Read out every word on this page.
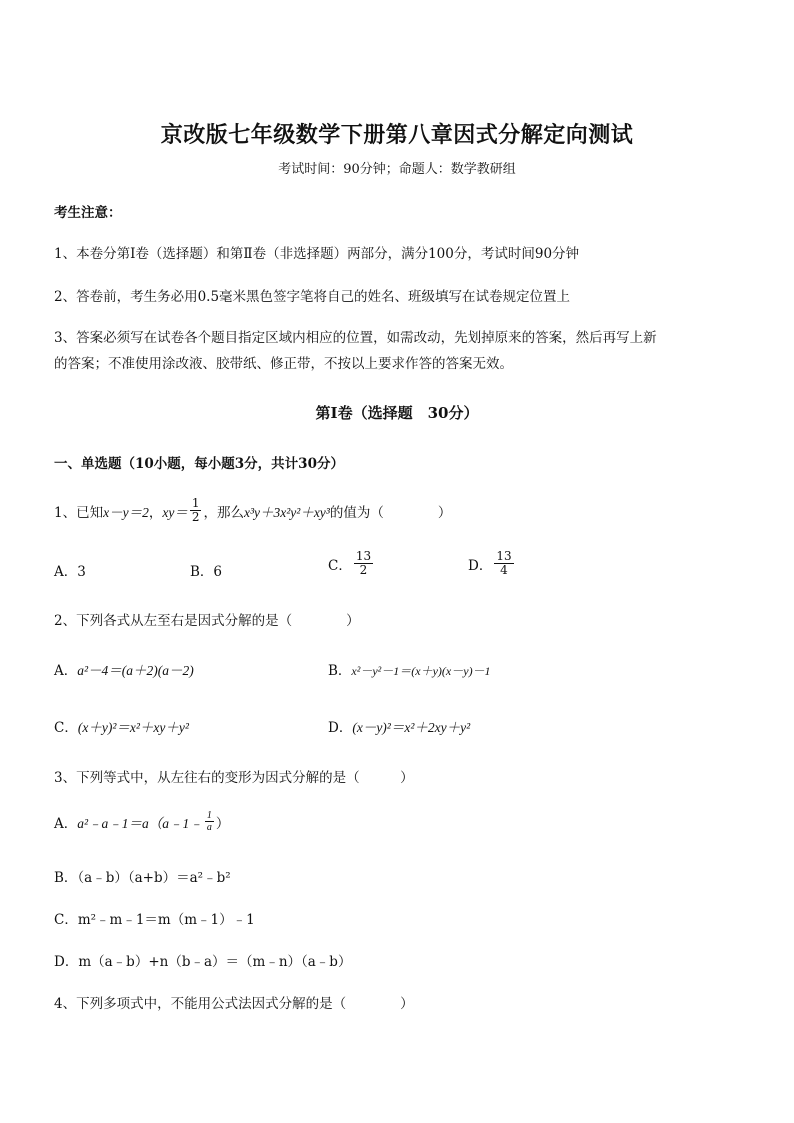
京改版七年级数学下册第八章因式分解定向测试
考试时间：90分钟；命题人：数学教研组
考生注意：
1、本卷分第Ⅰ卷（选择题）和第Ⅱ卷（非选择题）两部分，满分100分，考试时间90分钟
2、答卷前，考生务必用0.5毫米黑色签字笔将自己的姓名、班级填写在试卷规定位置上
3、答案必须写在试卷各个题目指定区域内相应的位置，如需改动，先划掉原来的答案，然后再写上新
的答案；不准使用涂改液、胶带纸、修正带，不按以上要求作答的答案无效。
第Ⅰ卷（选择题　30分）
一、单选题（10小题，每小题3分，共计30分）
1、已知 x－y＝2 ， $xy= \frac{1}{2}$ ，那么 x³y＋3x²y²＋xy³ 的值为（　　　　）
A．3	B．6	C． $\frac{13}{2}$	D． $\frac{13}{4}$
2、下列各式从左至右是因式分解的是（　　　　）
A．a²－4＝(a＋2)(a－2)	B．x²－y²－1＝(x＋y)(x－y)－1
C．(x＋y)²＝x²＋xy＋y²	D．(x－y)²＝x²＋2xy＋y²
3、下列等式中，从左往右的变形为因式分解的是（　　　）
A． a²﹣a﹣1＝a（a﹣1﹣ $\frac{1}{a}$ ）
B．（a﹣b）（a+b）＝a²﹣b²
C．m²﹣m﹣1＝m（m﹣1）﹣1
D．m（a﹣b）+n（b﹣a）＝（m﹣n）（a﹣b）
4、下列多项式中，不能用公式法因式分解的是（　　　　）
